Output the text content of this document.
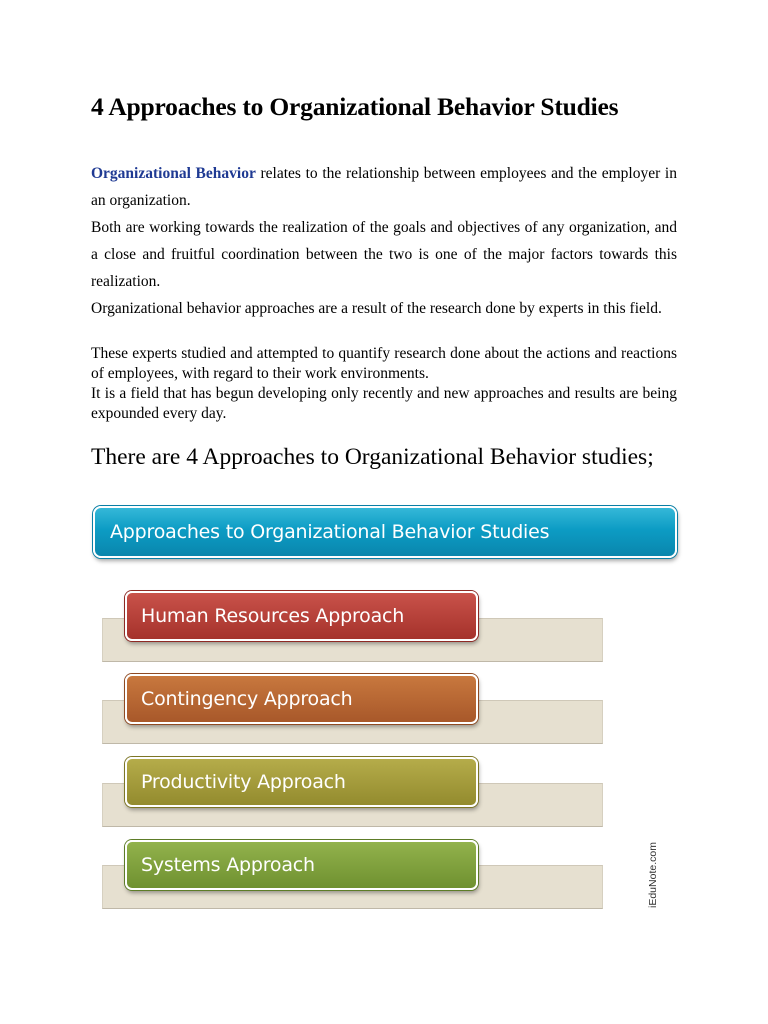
4 Approaches to Organizational Behavior Studies

Organizational Behavior relates to the relationship between employees and the employer in an organization.

Both are working towards the realization of the goals and objectives of any organization, and a close and fruitful coordination between the two is one of the major factors towards this realization.

Organizational behavior approaches are a result of the research done by experts in this field.

These experts studied and attempted to quantify research done about the actions and reactions of employees, with regard to their work environments.

It is a field that has begun developing only recently and new approaches and results are being expounded every day.

There are 4 Approaches to Organizational Behavior studies;
Approaches to Organizational Behavior Studies
Human Resources Approach
Contingency Approach
Productivity Approach
Systems Approach	iEduNote.com
